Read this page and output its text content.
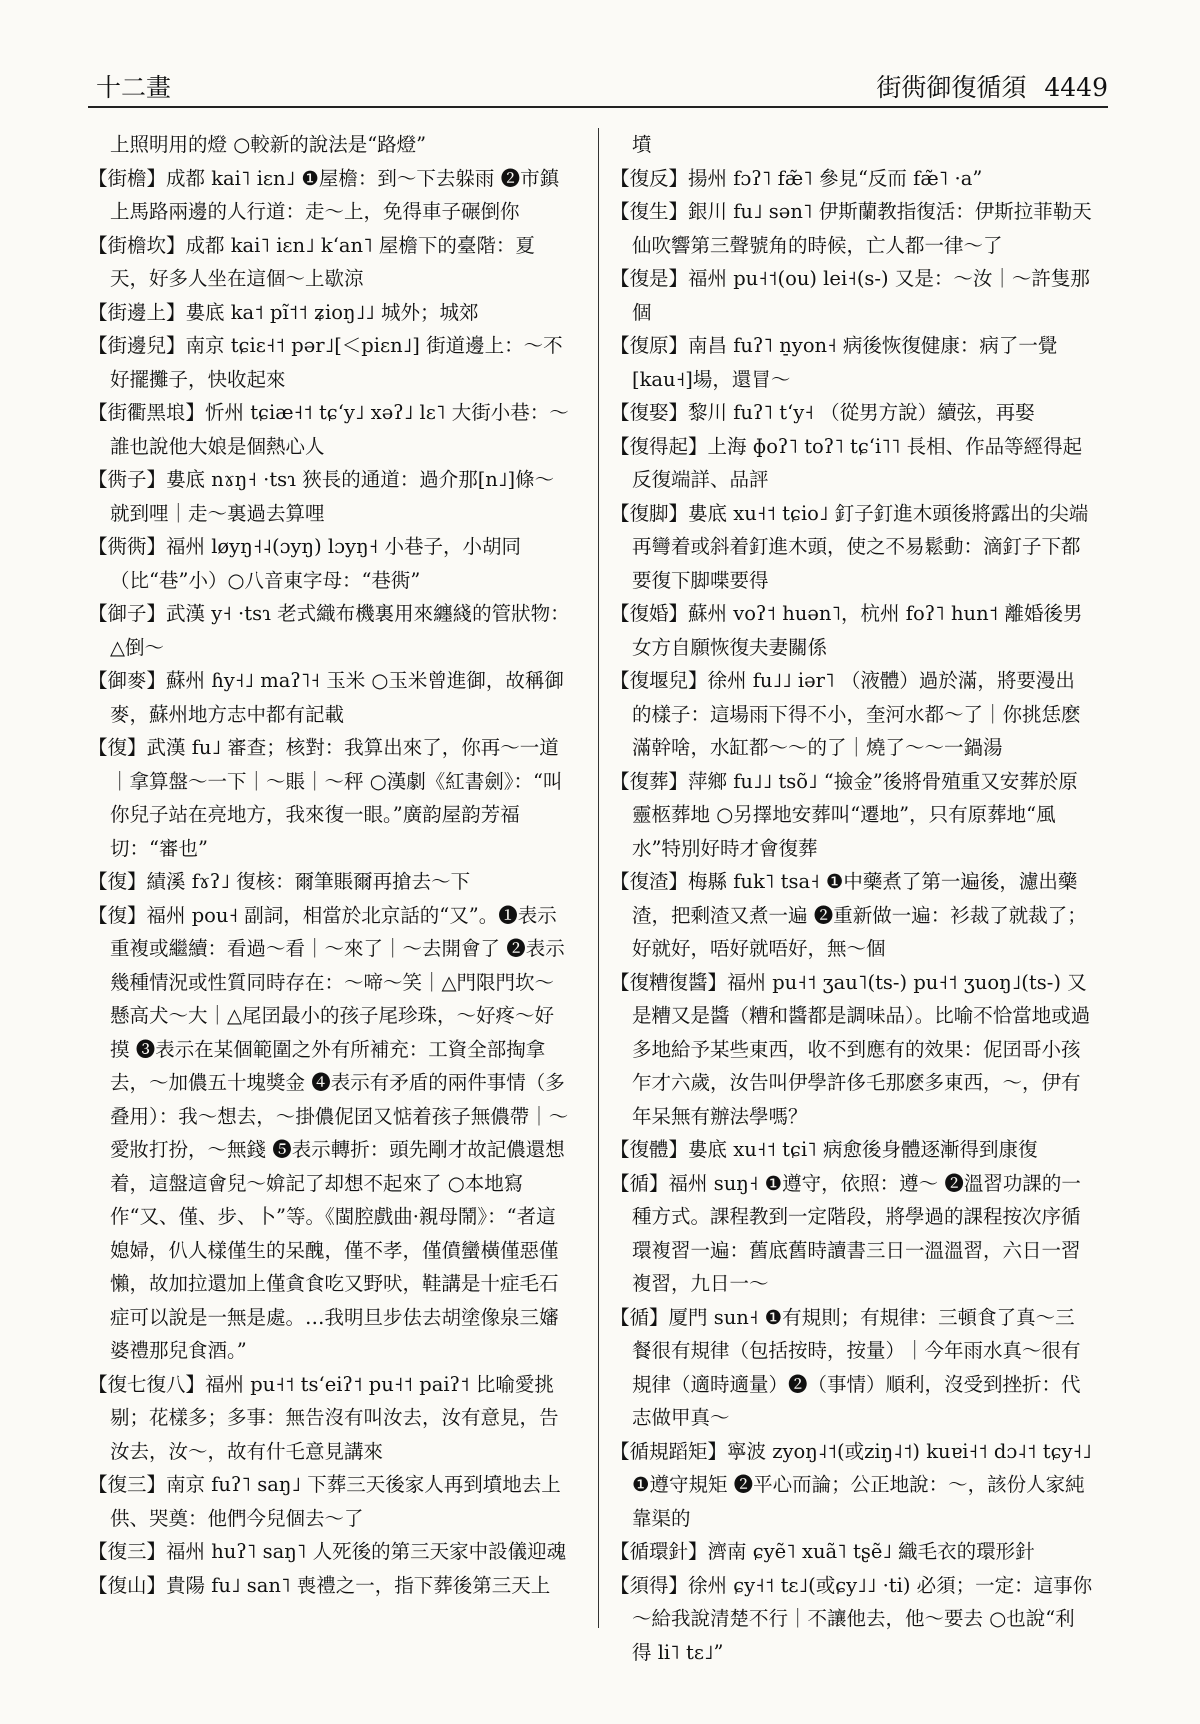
十二畫	街衖御復循須 4449

上照明用的燈 ○較新的說法是“路燈”

【街檐】成都 kai˥ iɛn˩ ❶屋檐：到～下去躲雨 ❷市鎮上馬路兩邊的人行道：走～上，免得車子碾倒你

【街檐坎】成都 kai˥ iɛn˩ kʻan˥ 屋檐下的臺階：夏天，好多人坐在這個～上歇涼

【街邊上】婁底 ka˦ pĩ˦˦ ʑioŋ˩˩ 城外；城郊

【街邊兒】南京 tɕiɛ˧˦ pər˩[＜piɛn˩] 街道邊上：～不好擺攤子，快收起來

【街衢黑埌】忻州 tɕiæ˧˦ tɕʻy˩ xəʔ˩ lɛ˥ 大街小巷：～誰也說他大娘是個熱心人

【衖子】婁底 nɤŋ˧ ·tsɿ 狹長的通道：過介那[n˩]條～就到哩｜走～裏過去算哩

【衖衖】福州 løyŋ˧˨(ɔyŋ) lɔyŋ˧ 小巷子，小胡同（比“巷”小）○八音東字母：“巷衖”

【御子】武漢 y˧ ·tsɿ 老式織布機裏用來纏綫的管狀物：△倒～

【御麥】蘇州 ɦy˧˩ maʔ˥˧ 玉米 ○玉米曾進御，故稱御麥，蘇州地方志中都有記載

【復】武漢 fu˩ 審查；核對：我算出來了，你再～一道｜拿算盤～一下｜～賬｜～秤 ○漢劇《紅書劍》：“叫你兒子站在亮地方，我來復一眼。”廣韵屋韵芳福切：“審也”

【復】績溪 fɤʔ˩ 復核：爾筆賬爾再搶去～下

【復】福州 pou˧ 副詞，相當於北京話的“又”。❶表示重複或繼續：看過～看｜～來了｜～去開會了 ❷表示幾種情況或性質同時存在：～啼～笑｜△門限門坎～懸高犬～大｜△尾囝最小的孩子尾珍珠，～好疼～好摸 ❸表示在某個範圍之外有所補充：工資全部掏拿去，～加儂五十塊獎金 ❹表示有矛盾的兩件事情（多叠用）：我～想去，～掛儂伲囝又惦着孩子無儂帶｜～愛妝打扮，～無錢 ❺表示轉折：頭先剛才故記儂還想着，這盤這會兒～媕記了却想不起來了 ○本地寫作“又、僅、步、卜”等。《閩腔戲曲·親母鬧》：“者這媳婦，仈人樣僅生的呆醜，僅不孝，僅僨蠻橫僅惡僅懶，故加拉還加上僅貪食吃又野吠，鞋講是十症毛石症可以說是一無是處。…我明旦步佉去胡塗像泉三嬸婆禮那兒食酒。”

【復七復八】福州 pu˧˦ tsʻeiʔ˦ pu˧˦ paiʔ˦ 比喻愛挑剔；花樣多；多事：無告沒有叫汝去，汝有意見，告汝去，汝～，故有什乇意見講來

【復三】南京 fuʔ˥ saŋ˩ 下葬三天後家人再到墳地去上供、哭奠：他們今兒個去～了

【復三】福州 huʔ˥ saŋ˥ 人死後的第三天家中設儀迎魂

【復山】貴陽 fu˩ san˥ 喪禮之一，指下葬後第三天上

墳

【復反】揚州 fɔʔ˥ fæ̃˥ 參見“反而 fæ̃˥ ·a”

【復生】銀川 fu˩ sən˥ 伊斯蘭教指復活：伊斯拉菲勒天仙吹響第三聲號角的時候，亡人都一律～了

【復是】福州 pu˧˦(ou) lei˧(s-) 又是：～汝｜～許隻那個

【復原】南昌 fuʔ˥ n̠yon˧ 病後恢復健康：病了一覺[kau˧]場，還冒～

【復娶】黎川 fuʔ˥ tʻy˧ （從男方說）續弦，再娶

【復得起】上海 ɸoʔ˥ toʔ˥ tɕʻi˥˥ 長相、作品等經得起反復端詳、品評

【復脚】婁底 xu˧˦ tɕio˩ 釘子釘進木頭後將露出的尖端再彎着或斜着釘進木頭，使之不易鬆動：滴釘子下都要復下脚喋要得

【復婚】蘇州 voʔ˦ huən˥，杭州 foʔ˥ hun˦ 離婚後男女方自願恢復夫妻關係

【復堰兒】徐州 fu˩˩ iər˥ （液體）過於滿，將要漫出的樣子：這場雨下得不小，奎河水都～了｜你挑恁麽滿幹啥，水缸都～～的了｜燒了～～一鍋湯

【復葬】萍鄉 fu˩˩ tsõ˩ “撿金”後將骨殖重又安葬於原靈柩葬地 ○另擇地安葬叫“遷地”，只有原葬地“風水”特別好時才會復葬

【復渣】梅縣 fuk˥ tsa˧ ❶中藥煮了第一遍後，濾出藥渣，把剩渣又煮一遍 ❷重新做一遍：衫裁了就裁了；好就好，唔好就唔好，無～個

【復糟復醬】福州 pu˧˦ ʒau˥(ts-) pu˧˦ ʒuoŋ˩(ts-) 又是糟又是醬（糟和醬都是調味品）。比喻不恰當地或過多地給予某些東西，收不到應有的效果：伲囝哥小孩乍才六歲，汝告叫伊學許侈乇那麽多東西，～，伊有年呆無有辦法學嗎？

【復體】婁底 xu˧˦ tɕi˥ 病愈後身體逐漸得到康復

【循】福州 suŋ˧ ❶遵守，依照：遵～ ❷溫習功課的一種方式。課程教到一定階段，將學過的課程按次序循環複習一遍：舊底舊時讀書三日一溫溫習，六日一習複習，九日一～

【循】厦門 sun˧ ❶有規則；有規律：三頓食了真～三餐很有規律（包括按時，按量）｜今年雨水真～很有規律（適時適量）❷（事情）順利，沒受到挫折：代志做甲真～

【循規蹈矩】寧波 zyoŋ˨˦(或ziŋ˨˦) kuɐi˧˦ dɔ˨˦ tɕy˧˩ ❶遵守規矩 ❷平心而論；公正地說：～，該份人家純靠渠的

【循環針】濟南 ɕyẽ˥ xuã˥ tʂẽ˩ 織毛衣的環形針

【須得】徐州 ɕy˧˦ tɛ˩(或ɕy˩˩ ·ti) 必須；一定：這事你～給我說清楚不行｜不讓他去，他～要去 ○也說“利得 li˥ tɛ˩”
